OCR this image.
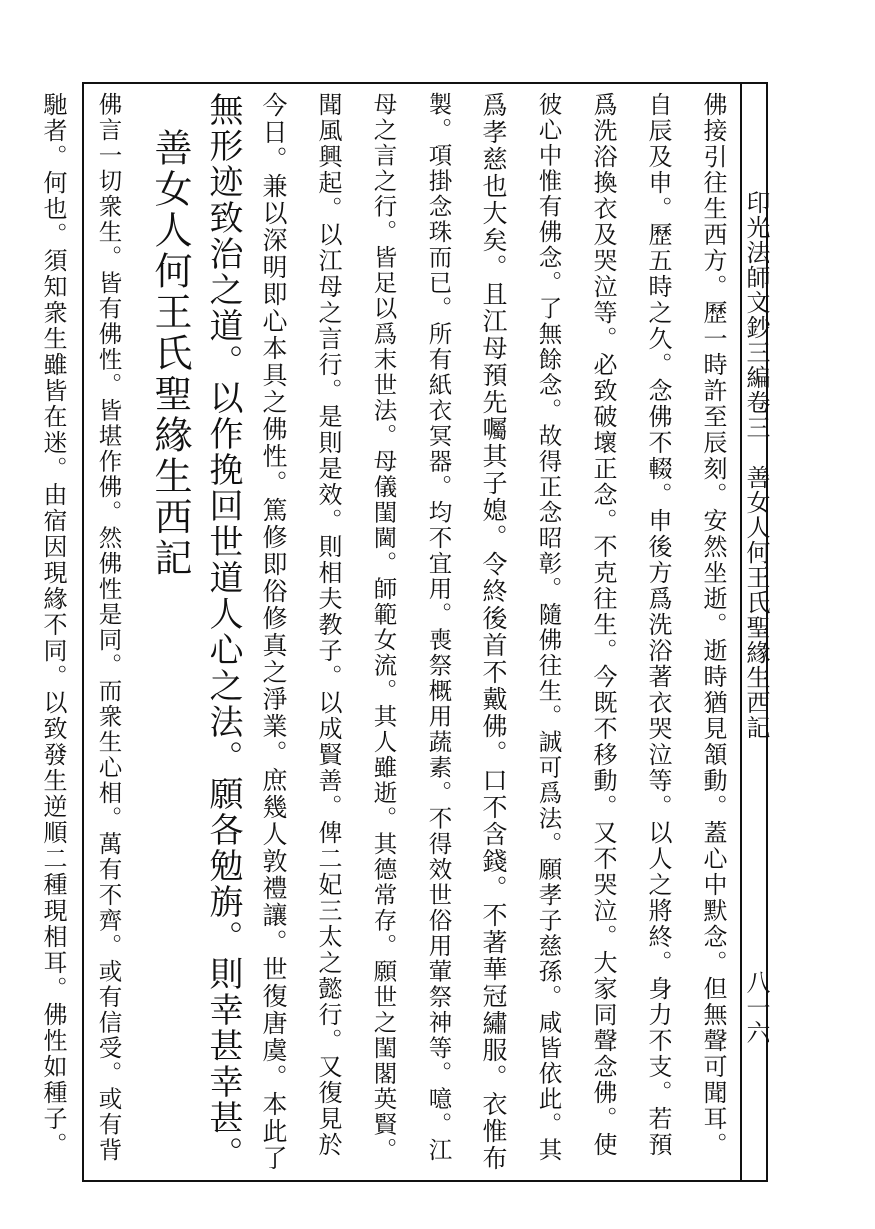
印光法師文鈔三編卷三
善女人何王氏聖緣生西記
八一六
佛接引往生西方。歷一時許至辰刻。安然坐逝。逝時猶見頷動。蓋心中默念。但無聲可聞耳。
自辰及申。歷五時之久。念佛不輟。申後方爲洗浴著衣哭泣等。以人之將終。身力不支。若預
爲洗浴換衣及哭泣等。必致破壞正念。不克往生。今既不移動。又不哭泣。大家同聲念佛。使
彼心中惟有佛念。了無餘念。故得正念昭彰。隨佛往生。誠可爲法。願孝子慈孫。咸皆依此。其
爲孝慈也大矣。且江母預先囑其子媳。令終後首不戴佛。口不含錢。不著華冠繡服。衣惟布
製。項掛念珠而已。所有紙衣冥器。均不宜用。喪祭概用蔬素。不得效世俗用葷祭神等。噫。江
母之言之行。皆足以爲末世法。母儀閨閫。師範女流。其人雖逝。其德常存。願世之閨閣英賢。
聞風興起。以江母之言行。是則是效。則相夫教子。以成賢善。俾二妃三太之懿行。又復見於
今日。兼以深明即心本具之佛性。篤修即俗修真之淨業。庶幾人敦禮讓。世復唐虞。本此了
無形迹致治之道。以作挽回世道人心之法。願各勉旃。則幸甚幸甚。
善女人何王氏聖緣生西記
佛言一切衆生。皆有佛性。皆堪作佛。然佛性是同。而衆生心相。萬有不齊。或有信受。或有背
馳者。何也。須知衆生雖皆在迷。由宿因現緣不同。以致發生逆順二種現相耳。佛性如種子。
